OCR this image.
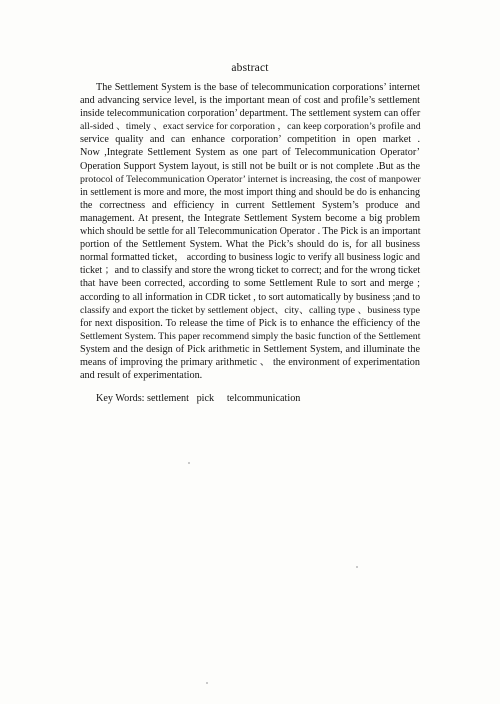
abstract
The Settlement System is the base of telecommunication corporations’ internet
and advancing service level, is the important mean of cost and profile’s settlement
inside telecommunication corporation’ department. The settlement system can offer
all-sided 、timely 、exact service for corporation ，can keep corporation’s profile and
service quality and can enhance corporation’ competition in open market .
Now ,Integrate Settlement System as one part of Telecommunication Operator’
Operation Support System layout, is still not be built or is not complete .But as the
protocol of Telecommunication Operator’ internet is increasing, the cost of manpower
in settlement is more and more, the most import thing and should be do is enhancing
the correctness and efficiency in current Settlement System’s produce and
management. At present, the Integrate Settlement System become a big problem
which should be settle for all Telecommunication Operator . The Pick is an important
portion of the Settlement System. What the Pick’s should do is, for all business
normal formatted ticket， according to business logic to verify all business logic and
ticket ；and to classify and store the wrong ticket to correct; and for the wrong ticket
that have been corrected, according to some Settlement Rule to sort and merge ;
according to all information in CDR ticket , to sort automatically by business ;and to
classify and export the ticket by settlement object、city、calling type 、business type
for next disposition. To release the time of Pick is to enhance the efficiency of the
Settlement System. This paper recommend simply the basic function of the Settlement
System and the design of Pick arithmetic in Settlement System, and illuminate the
means of improving the primary arithmetic 、 the environment of experimentation
and result of experimentation.
Key Words: settlement   pick     telcommunication
